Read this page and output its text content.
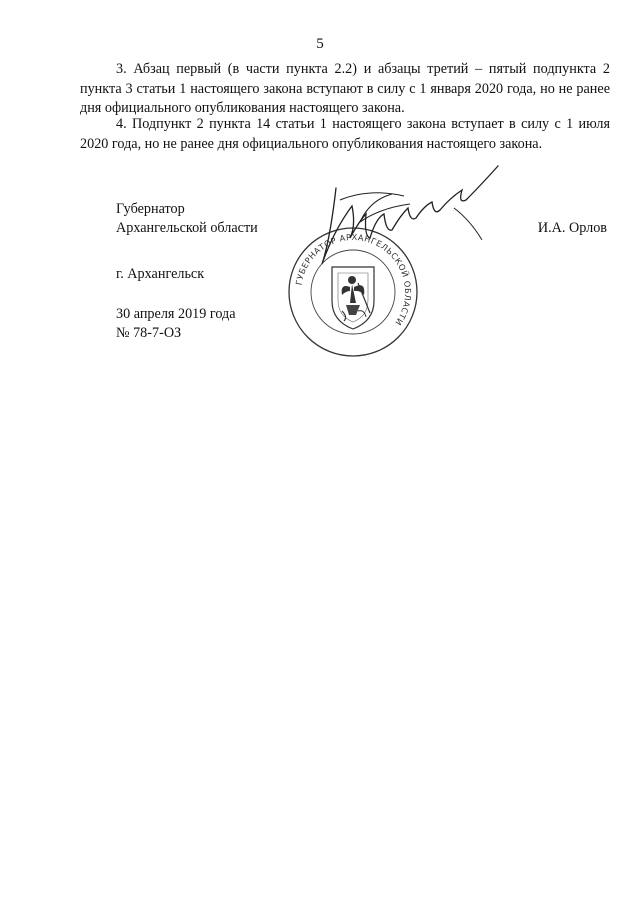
5

3. Абзац первый (в части пункта 2.2) и абзацы третий – пятый подпункта 2 пункта 3 статьи 1 настоящего закона вступают в силу с 1 января 2020 года, но не ранее дня официального опубликования настоящего закона.

4. Подпункт 2 пункта 14 статьи 1 настоящего закона вступает в силу с 1 июля 2020 года, но не ранее дня официального опубликования настоящего закона.

Губернатор
Архангельской области	И.А. Орлов
ГУБЕРНАТОР АРХАНГЕЛЬСКОЙ ОБЛАСТИ
г. Архангельск
30 апреля 2019 года
№ 78-7-ОЗ
